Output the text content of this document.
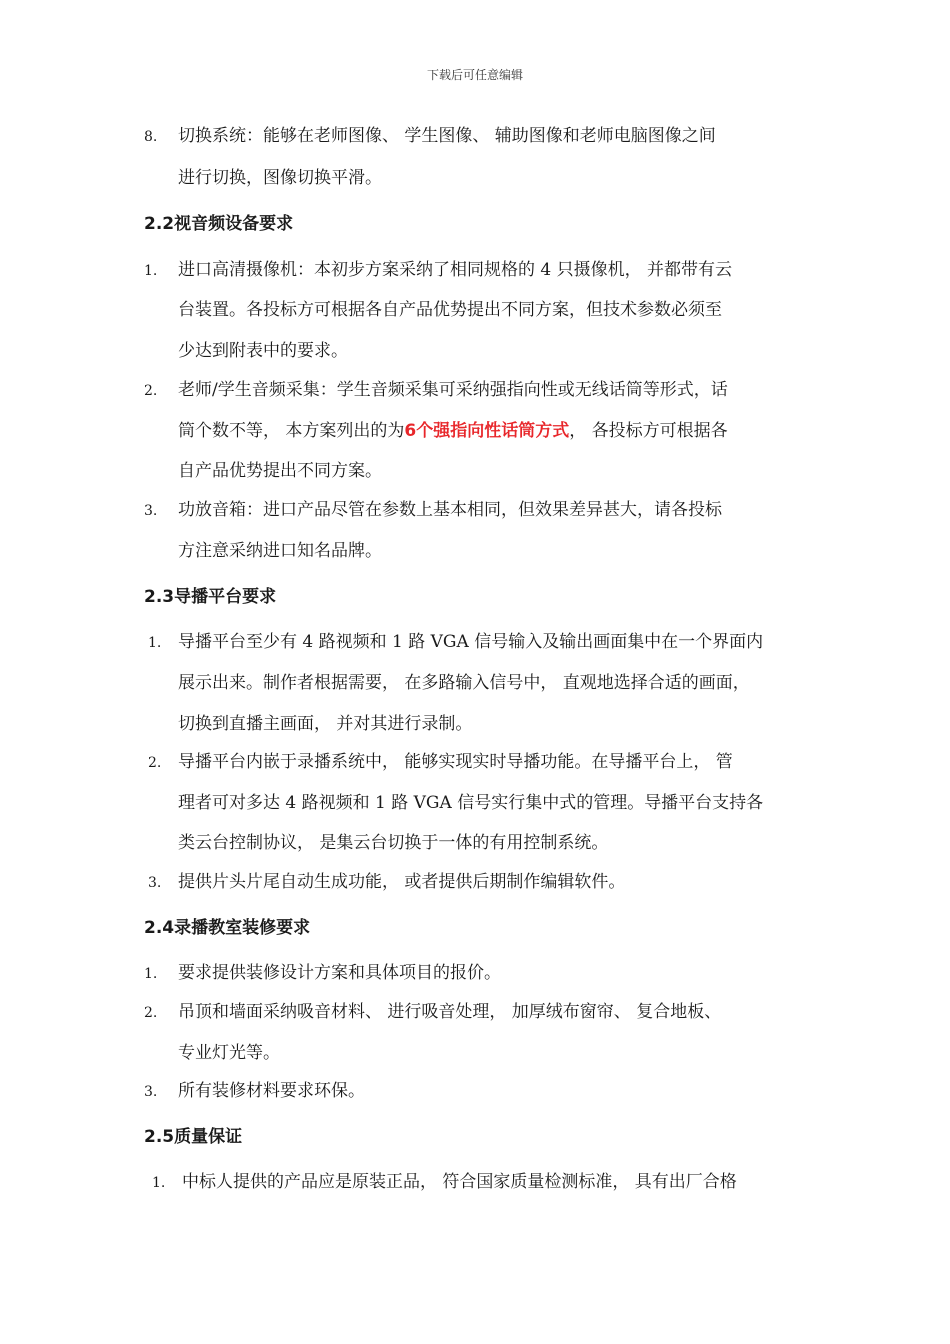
下载后可任意编辑
8. 切换系统：能够在老师图像、 学生图像、 辅助图像和老师电脑图像之间
进行切换，图像切换平滑。
2.2视音频设备要求
1. 进口高清摄像机：本初步方案采纳了相同规格的 4 只摄像机， 并都带有云
台装置。各投标方可根据各自产品优势提出不同方案，但技术参数必须至
少达到附表中的要求。
2. 老师/学生音频采集：学生音频采集可采纳强指向性或无线话筒等形式，话
筒个数不等， 本方案列出的为6个强指向性话筒方式， 各投标方可根据各
自产品优势提出不同方案。
3. 功放音箱：进口产品尽管在参数上基本相同，但效果差异甚大，请各投标
方注意采纳进口知名品牌。
2.3导播平台要求
1. 导播平台至少有 4 路视频和 1 路 VGA 信号输入及输出画面集中在一个界面内
展示出来。制作者根据需要， 在多路输入信号中， 直观地选择合适的画面，
切换到直播主画面， 并对其进行录制。
2. 导播平台内嵌于录播系统中， 能够实现实时导播功能。在导播平台上， 管
理者可对多达 4 路视频和 1 路 VGA 信号实行集中式的管理。导播平台支持各
类云台控制协议， 是集云台切换于一体的有用控制系统。
3. 提供片头片尾自动生成功能， 或者提供后期制作编辑软件。
2.4录播教室装修要求
1. 要求提供装修设计方案和具体项目的报价。
2. 吊顶和墙面采纳吸音材料、 进行吸音处理， 加厚绒布窗帘、 复合地板、
专业灯光等。
3. 所有装修材料要求环保。
2.5质量保证
1. 中标人提供的产品应是原装正品， 符合国家质量检测标准， 具有出厂合格
